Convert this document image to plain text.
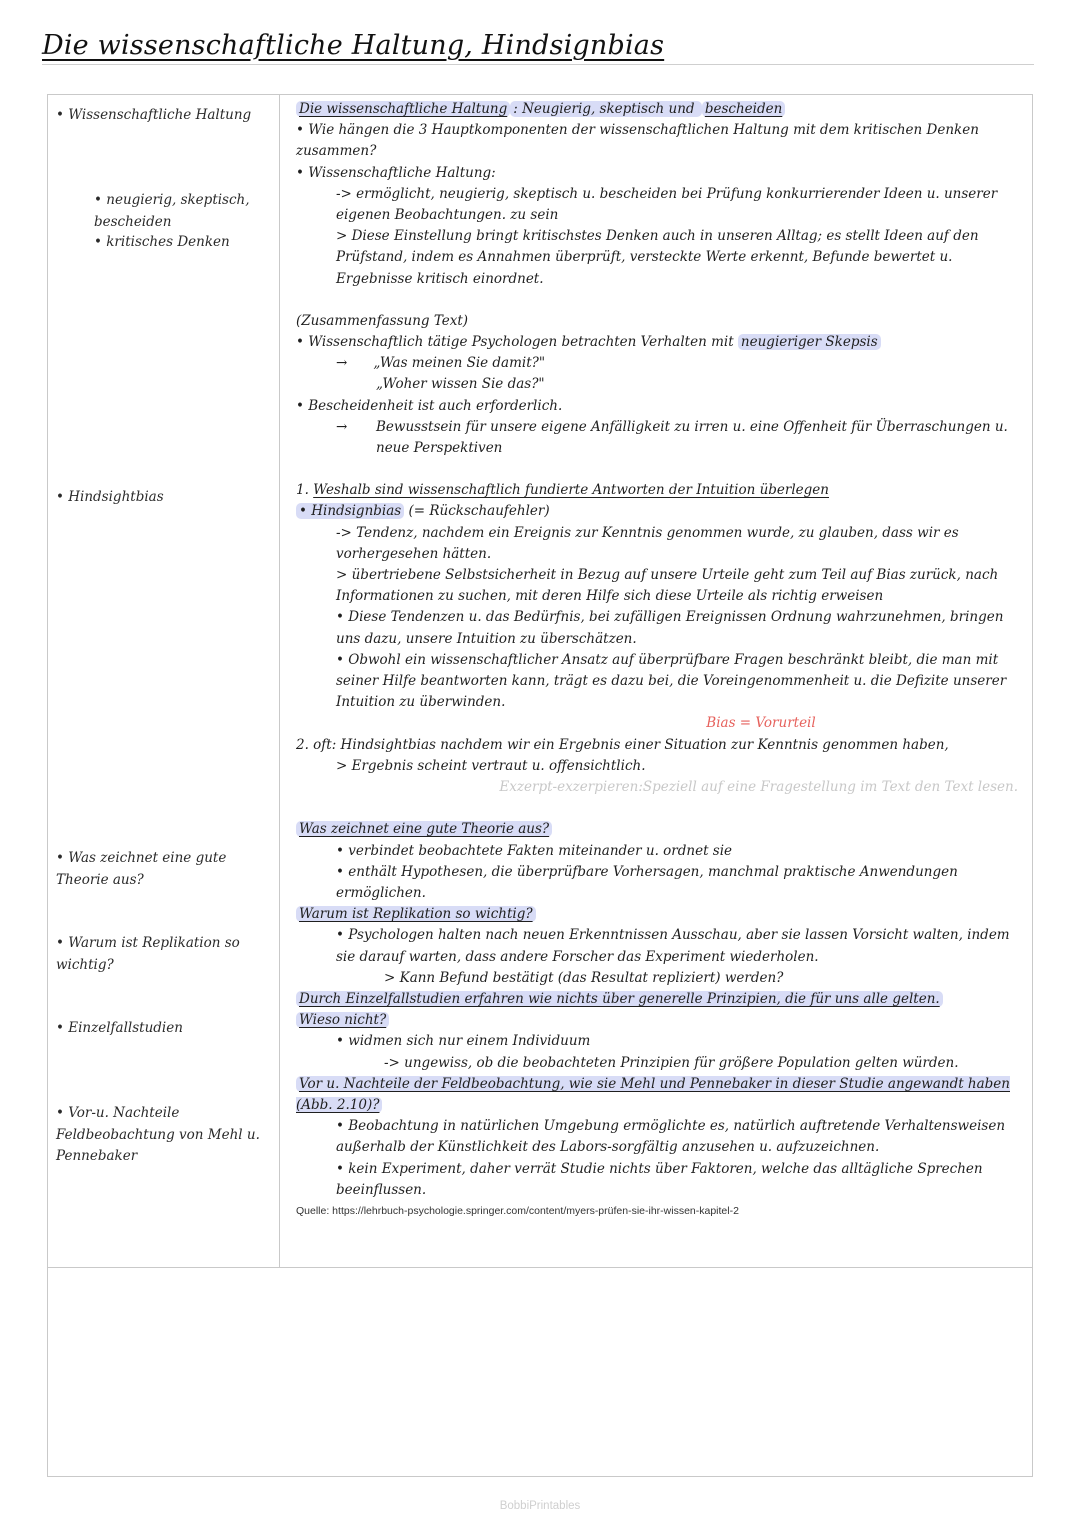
Die wissenschaftliche Haltung, Hindsignbias
• Wissenschaftliche Haltung
• neugierig, skeptisch, bescheiden
• kritisches Denken
• Hindsightbias
• Was zeichnet eine gute Theorie aus?
• Warum ist Replikation so wichtig?
• Einzelfallstudien
• Vor-u. Nachteile Feldbeobachtung von Mehl u. Pennebaker

Die wissenschaftliche Haltung : Neugierig, skeptisch und bescheiden

• Wie hängen die 3 Hauptkomponenten der wissenschaftlichen Haltung mit dem kritischen Denken zusammen?

• Wissenschaftliche Haltung:

-> ermöglicht, neugierig, skeptisch u. bescheiden bei Prüfung konkurrierender Ideen u. unserer eigenen Beobachtungen. zu sein

> Diese Einstellung bringt kritischstes Denken auch in unseren Alltag; es stellt Ideen auf den Prüfstand, indem es Annahmen überprüft, versteckte Werte erkennt, Befunde bewertet u. Ergebnisse kritisch einordnet.

(Zusammenfassung Text)

• Wissenschaftlich tätige Psychologen betrachten Verhalten mit neugieriger Skepsis

→ „Was meinen Sie damit?"

„Woher wissen Sie das?"

• Bescheidenheit ist auch erforderlich.

→	Bewusstsein für unsere eigene Anfälligkeit zu irren u. eine Offenheit für Überraschungen u. neue Perspektiven

1. Weshalb sind wissenschaftlich fundierte Antworten der Intuition überlegen

• Hindsignbias (= Rückschaufehler)

-> Tendenz, nachdem ein Ereignis zur Kenntnis genommen wurde, zu glauben, dass wir es vorhergesehen hätten.

> übertriebene Selbstsicherheit in Bezug auf unsere Urteile geht zum Teil auf Bias zurück, nach Informationen zu suchen, mit deren Hilfe sich diese Urteile als richtig erweisen

• Diese Tendenzen u. das Bedürfnis, bei zufälligen Ereignissen Ordnung wahrzunehmen, bringen uns dazu, unsere Intuition zu überschätzen.

• Obwohl ein wissenschaftlicher Ansatz auf überprüfbare Fragen beschränkt bleibt, die man mit seiner Hilfe beantworten kann, trägt es dazu bei, die Voreingenommenheit u. die Defizite unserer Intuition zu überwinden.

Bias = Vorurteil

2. oft: Hindsightbias nachdem wir ein Ergebnis einer Situation zur Kenntnis genommen haben,

> Ergebnis scheint vertraut u. offensichtlich.

Exzerpt-exzerpieren:Speziell auf eine Fragestellung im Text den Text lesen.

Was zeichnet eine gute Theorie aus?

• verbindet beobachtete Fakten miteinander u. ordnet sie

• enthält Hypothesen, die überprüfbare Vorhersagen, manchmal praktische Anwendungen ermöglichen.

Warum ist Replikation so wichtig?

• Psychologen halten nach neuen Erkenntnissen Ausschau, aber sie lassen Vorsicht walten, indem sie darauf warten, dass andere Forscher das Experiment wiederholen.

> Kann Befund bestätigt (das Resultat repliziert) werden?

Durch Einzelfallstudien erfahren wie nichts über generelle Prinzipien, die für uns alle gelten.

Wieso nicht?

• widmen sich nur einem Individuum

-> ungewiss, ob die beobachteten Prinzipien für größere Population gelten würden.

Vor u. Nachteile der Feldbeobachtung, wie sie Mehl und Pennebaker in dieser Studie angewandt haben (Abb. 2.10)?

• Beobachtung in natürlichen Umgebung ermöglichte es, natürlich auftretende Verhaltensweisen außerhalb der Künstlichkeit des Labors-sorgfältig anzusehen u. aufzuzeichnen.

• kein Experiment, daher verrät Studie nichts über Faktoren, welche das alltägliche Sprechen beeinflussen.

Quelle: https://lehrbuch-psychologie.springer.com/content/myers-prüfen-sie-ihr-wissen-kapitel-2

BobbiPrintables
